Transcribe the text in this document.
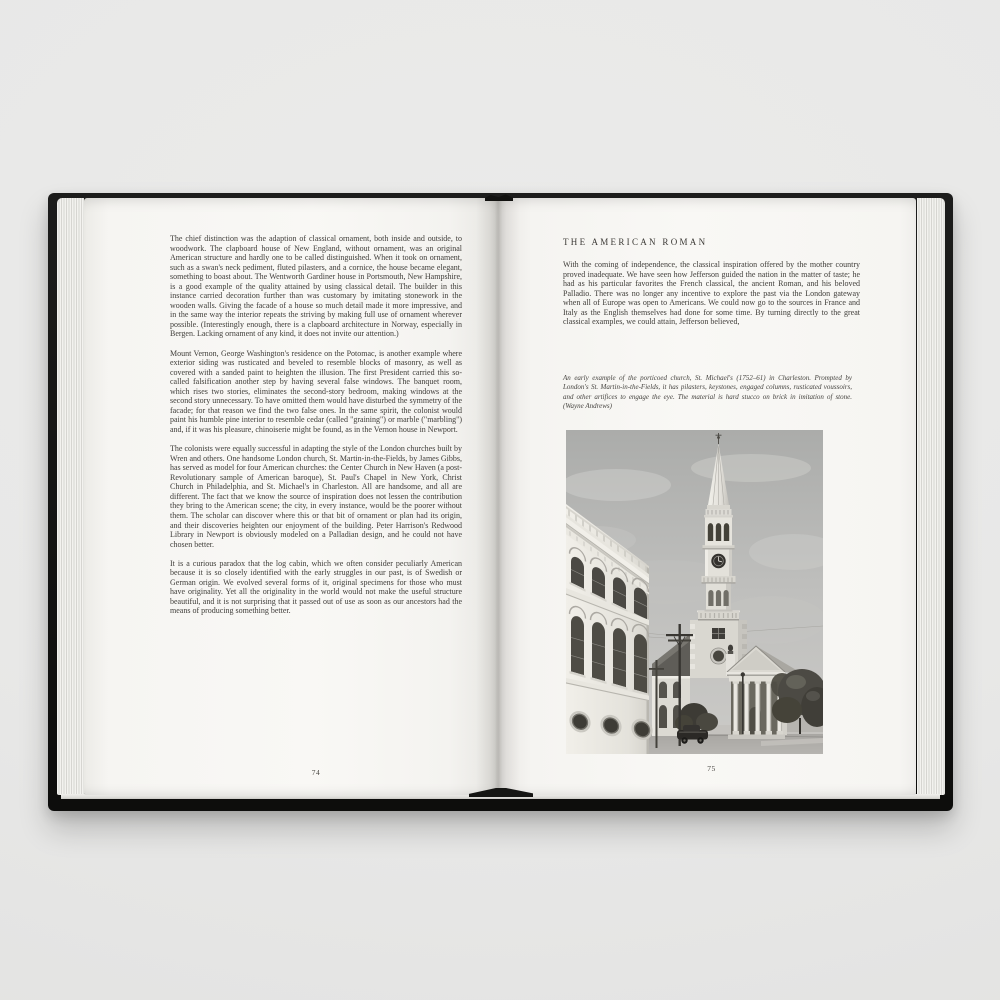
The chief distinction was the adaption of classical ornament, both inside and outside, to woodwork. The clapboard house of New England, without ornament, was an original American structure and hardly one to be called distinguished. When it took on ornament, such as a swan's neck pediment, fluted pilasters, and a cornice, the house became elegant, something to boast about. The Wentworth Gardiner house in Portsmouth, New Hampshire, is a good example of the quality attained by using classical detail. The builder in this instance carried decoration further than was customary by imitating stonework in the wooden walls. Giving the facade of a house so much detail made it more impressive, and in the same way the interior repeats the striving by making full use of ornament wherever possible. (Interestingly enough, there is a clapboard architecture in Norway, especially in Bergen. Lacking ornament of any kind, it does not invite our attention.)

Mount Vernon, George Washington's residence on the Potomac, is another example where exterior siding was rusticated and beveled to resemble blocks of masonry, as well as covered with a sanded paint to heighten the illusion. The first President carried this so-called falsification another step by having several false windows. The banquet room, which rises two stories, eliminates the second-story bedroom, making windows at the second story unnecessary. To have omitted them would have disturbed the symmetry of the facade; for that reason we find the two false ones. In the same spirit, the colonist would paint his humble pine interior to resemble cedar (called "graining") or marble ("marbling") and, if it was his pleasure, chinoiserie might be found, as in the Vernon house in Newport.

The colonists were equally successful in adapting the style of the London churches built by Wren and others. One handsome London church, St. Martin-in-the-Fields, by James Gibbs, has served as model for four American churches: the Center Church in New Haven (a post-Revolutionary sample of American baroque), St. Paul's Chapel in New York, Christ Church in Philadelphia, and St. Michael's in Charleston. All are handsome, and all are different. The fact that we know the source of inspiration does not lessen the contribution they bring to the American scene; the city, in every instance, would be the poorer without them. The scholar can discover where this or that bit of ornament or plan had its origin, and their discoveries heighten our enjoyment of the building. Peter Harrison's Redwood Library in Newport is obviously modeled on a Palladian design, and he could not have chosen better.

It is a curious paradox that the log cabin, which we often consider peculiarly American because it is so closely identified with the early struggles in our past, is of Swedish or German origin. We evolved several forms of it, original specimens for those who must have originality. Yet all the originality in the world would not make the useful structure beautiful, and it is not surprising that it passed out of use as soon as our ancestors had the means of producing something better.

74
THE AMERICAN ROMAN

With the coming of independence, the classical inspiration offered by the mother country proved inadequate. We have seen how Jefferson guided the nation in the matter of taste; he had as his particular favorites the French classical, the ancient Roman, and his beloved Palladio. There was no longer any incentive to explore the past via the London gateway when all of Europe was open to Americans. We could now go to the sources in France and Italy as the English themselves had done for some time. By turning directly to the great classical examples, we could attain, Jefferson believed,

An early example of the porticoed church, St. Michael's (1752–61) in Charleston. Prompted by London's St. Martin-in-the-Fields, it has pilasters, keystones, engaged columns, rusticated voussoirs, and other artifices to engage the eye. The material is hard stucco on brick in imitation of stone. (Wayne Andrews)
75
